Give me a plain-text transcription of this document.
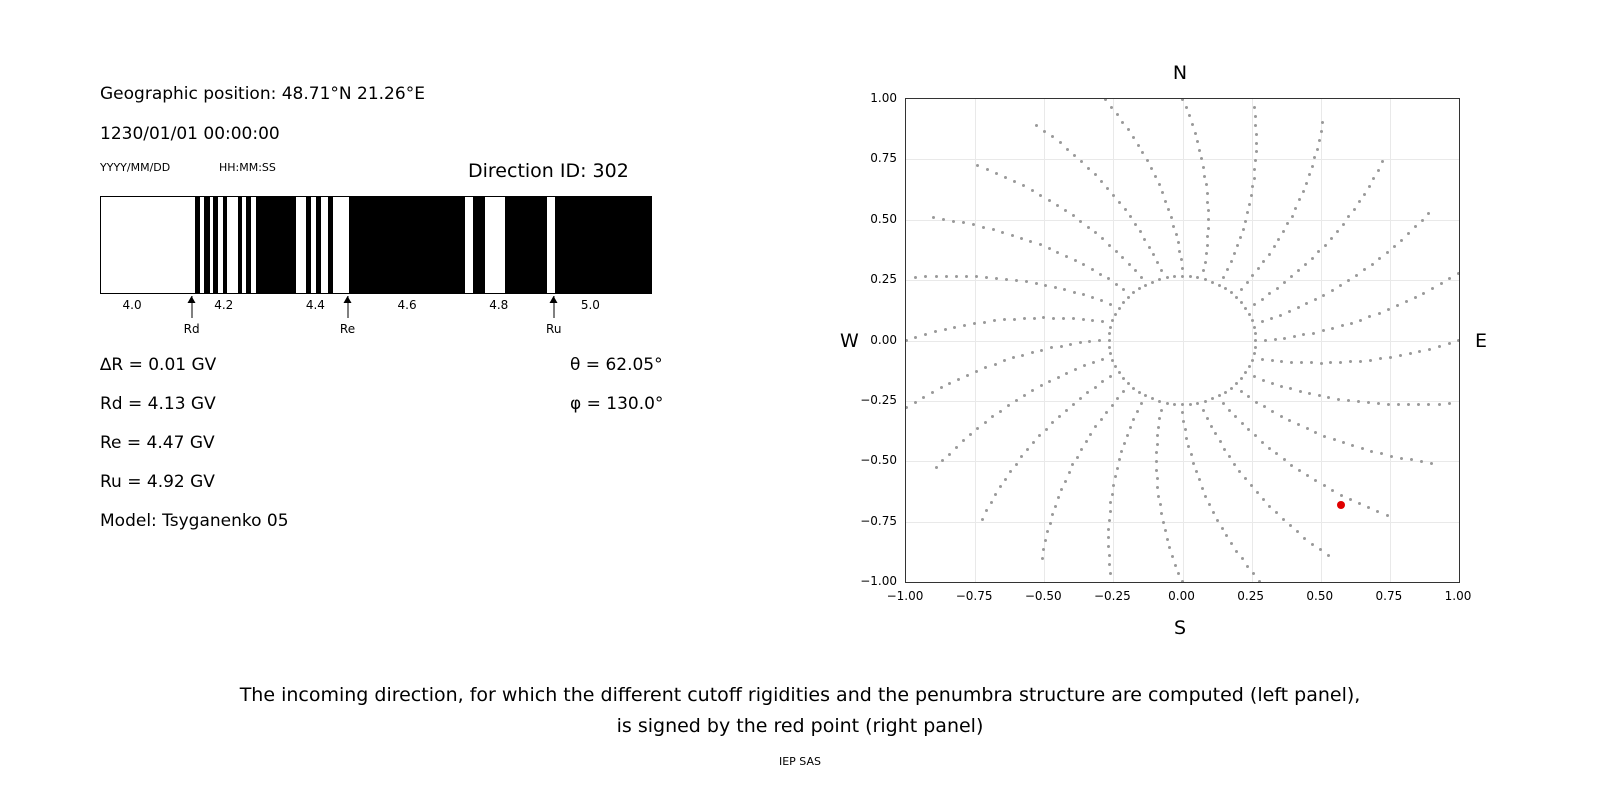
Geographic position: 48.71°N 21.26°E
1230/01/01 00:00:00
YYYY/MM/DD	HH:MM:SS	Direction ID: 302
4.0	4.2	4.4	4.6	4.8	5.0
Rd	Re	Ru
∆R = 0.01 GV
Rd = 4.13 GV
Re = 4.47 GV
Ru = 4.92 GV
Model: Tsyganenko 05
θ = 62.05°
φ = 130.0°
N
S
W	E
−1.00	−0.75	−0.50	−0.25	0.00	0.25	0.50	0.75	1.00
−1.00
−0.75
−0.50
−0.25
0.00
0.25
0.50
0.75
1.00
The incoming direction, for which the different cutoff rigidities and the penumbra structure are computed (left panel),
is signed by the red point (right panel)
IEP SAS
